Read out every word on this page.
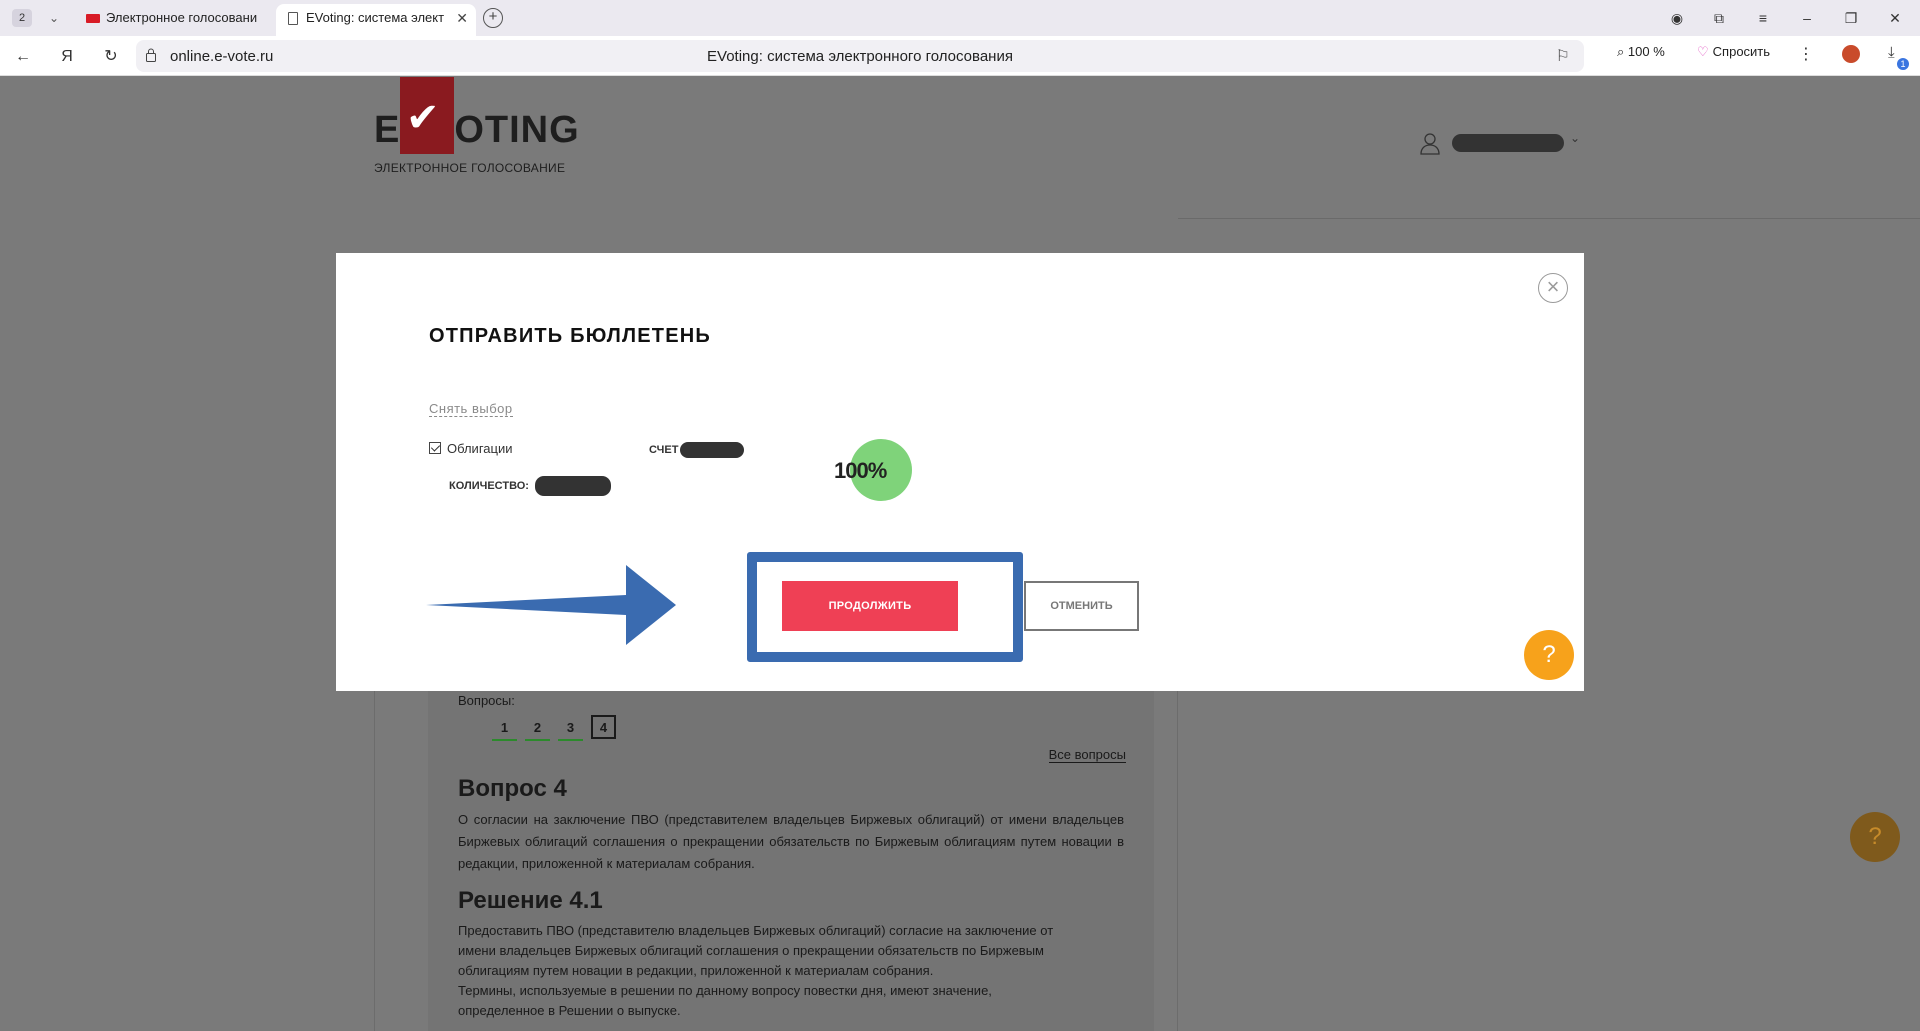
2	⌄	Электронное голосовани	EVoting: система элект ✕	+	◉	⧉	≡	–	❐	✕
←	Я	↻	online.e-vote.ru	EVoting: система электронного голосования	⚐	⌕ 100 % ♡ Спросить ⋮	⤓
1
E OTING
✔
ЭЛЕКТРОННОЕ ГОЛОСОВАНИЕ
⌄
Вопросы:
1 2 3 4
Все вопросы
Вопрос 4
О согласии на заключение ПВО (представителем владельцев Биржевых облигаций) от имени владельцев Биржевых облигаций соглашения о прекращении обязательств по Биржевым облигациям путем новации в редакции, приложенной к материалам собрания.
Решение 4.1
Предоставить ПВО (представителю владельцев Биржевых облигаций) согласие на заключение от
имени владельцев Биржевых облигаций соглашения о прекращении обязательств по Биржевым
облигациям путем новации в редакции, приложенной к материалам собрания.
Термины, используемые в решении по данному вопросу повестки дня, имеют значение,
определенное в Решении о выпуске.
?
×
ОТПРАВИТЬ БЮЛЛЕТЕНЬ
Снять выбор
Облигации	СЧЕТ
КОЛИЧЕСТВО:
100%
ПРОДОЛЖИТЬ	ОТМЕНИТЬ
?
